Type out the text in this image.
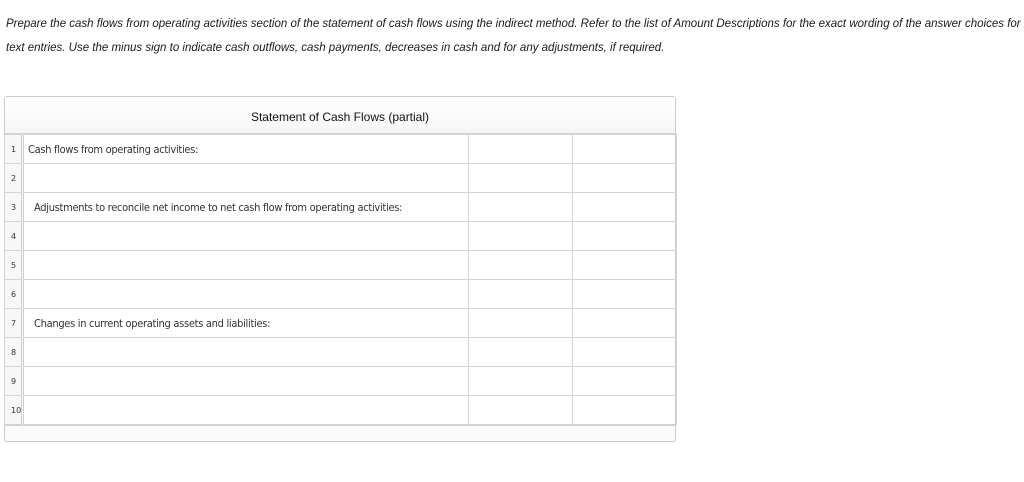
Prepare the cash flows from operating activities section of the statement of cash flows using the indirect method. Refer to the list of Amount Descriptions for the exact wording of the answer choices for text entries. Use the minus sign to indicate cash outflows, cash payments, decreases in cash and for any adjustments, if required.
Statement of Cash Flows (partial)
1	Cash flows from operating activities:		
2			
3	Adjustments to reconcile net income to net cash flow from operating activities:		
4			
5			
6			
7	Changes in current operating assets and liabilities:		
8			
9			
10			
